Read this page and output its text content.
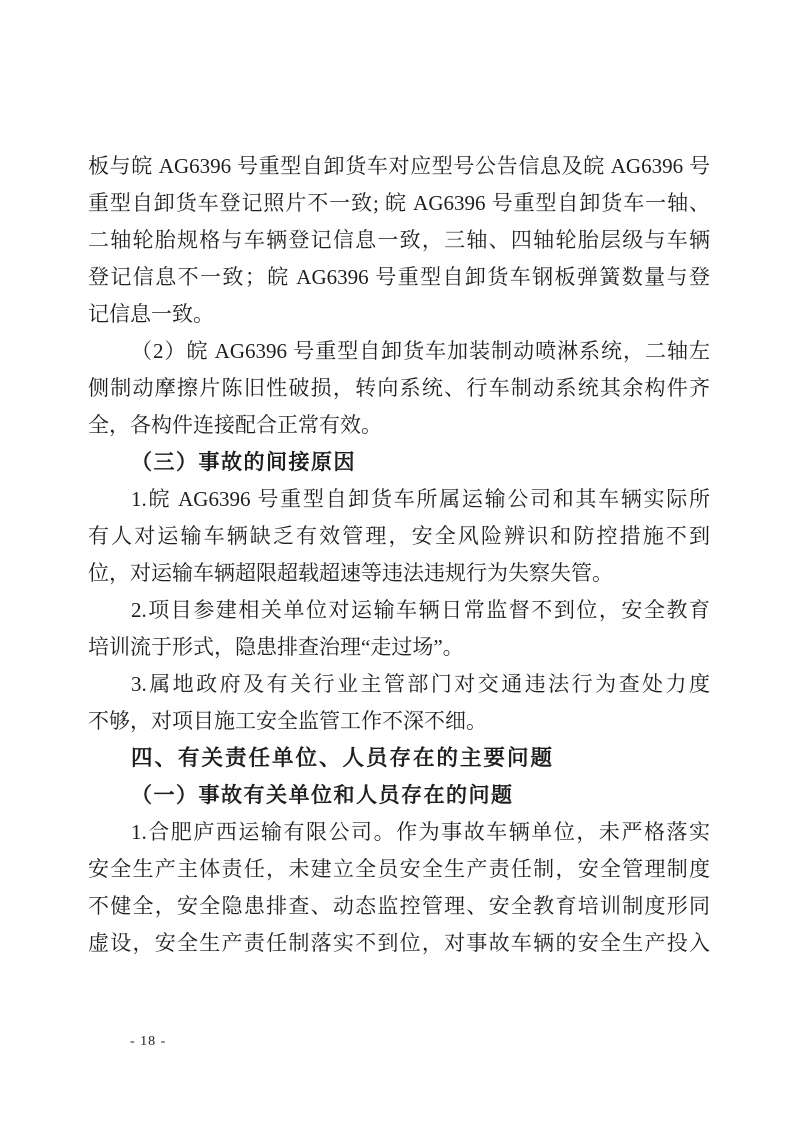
板与皖 AG6396 号重型自卸货车对应型号公告信息及皖 AG6396 号
重型自卸货车登记照片不一致; 皖 AG6396 号重型自卸货车一轴、
二轴轮胎规格与车辆登记信息一致，三轴、四轴轮胎层级与车辆
登记信息不一致；皖 AG6396 号重型自卸货车钢板弹簧数量与登
记信息一致。
（2）皖 AG6396 号重型自卸货车加装制动喷淋系统，二轴左
侧制动摩擦片陈旧性破损，转向系统、行车制动系统其余构件齐
全，各构件连接配合正常有效。
（三）事故的间接原因
1.皖 AG6396 号重型自卸货车所属运输公司和其车辆实际所
有人对运输车辆缺乏有效管理，安全风险辨识和防控措施不到
位，对运输车辆超限超载超速等违法违规行为失察失管。
2.项目参建相关单位对运输车辆日常监督不到位，安全教育
培训流于形式，隐患排查治理“走过场”。
3.属地政府及有关行业主管部门对交通违法行为查处力度
不够，对项目施工安全监管工作不深不细。
四、有关责任单位、人员存在的主要问题
（一）事故有关单位和人员存在的问题
1.合肥庐西运输有限公司。作为事故车辆单位，未严格落实
安全生产主体责任，未建立全员安全生产责任制，安全管理制度
不健全，安全隐患排查、动态监控管理、安全教育培训制度形同
虚设，安全生产责任制落实不到位，对事故车辆的安全生产投入
- 18 -
